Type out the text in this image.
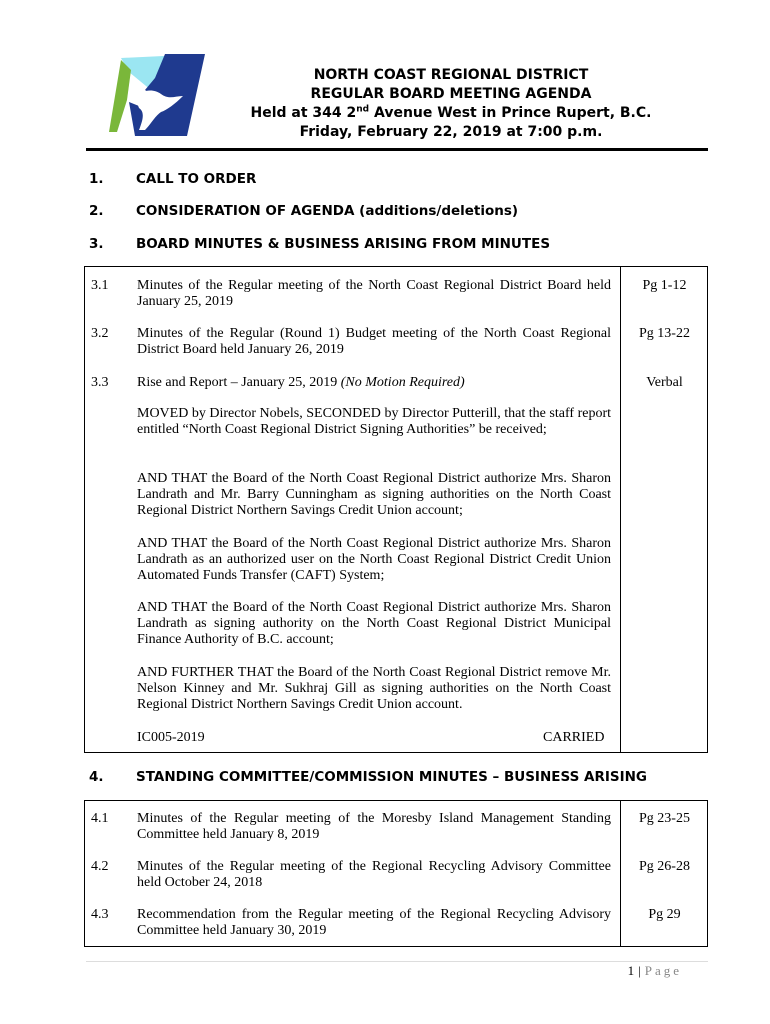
NORTH COAST REGIONAL DISTRICT
REGULAR BOARD MEETING AGENDA
Held at 344 2nd Avenue West in Prince Rupert, B.C.
Friday, February 22, 2019 at 7:00 p.m.
1. CALL TO ORDER
2. CONSIDERATION OF AGENDA (additions/deletions)
3. BOARD MINUTES & BUSINESS ARISING FROM MINUTES
3.1 Minutes of the Regular meeting of the North Coast Regional District Board held January 25, 2019
Pg 1-12
3.2 Minutes of the Regular (Round 1) Budget meeting of the North Coast Regional District Board held January 26, 2019
Pg 13-22
3.3 Rise and Report – January 25, 2019 (No Motion Required)	Verbal
MOVED by Director Nobels, SECONDED by Director Putterill, that the staff report entitled “North Coast Regional District Signing Authorities” be received;
AND THAT the Board of the North Coast Regional District authorize Mrs. Sharon Landrath and Mr. Barry Cunningham as signing authorities on the North Coast Regional District Northern Savings Credit Union account;
AND THAT the Board of the North Coast Regional District authorize Mrs. Sharon Landrath as an authorized user on the North Coast Regional District Credit Union Automated Funds Transfer (CAFT) System;
AND THAT the Board of the North Coast Regional District authorize Mrs. Sharon Landrath as signing authority on the North Coast Regional District Municipal Finance Authority of B.C. account;
AND FURTHER THAT the Board of the North Coast Regional District remove Mr. Nelson Kinney and Mr. Sukhraj Gill as signing authorities on the North Coast Regional District Northern Savings Credit Union account.
IC005-2019	CARRIED
4. STANDING COMMITTEE/COMMISSION MINUTES – BUSINESS ARISING
4.1 Minutes of the Regular meeting of the Moresby Island Management Standing Committee held January 8, 2019
Pg 23-25
4.2 Minutes of the Regular meeting of the Regional Recycling Advisory Committee held October 24, 2018
Pg 26-28
4.3 Recommendation from the Regular meeting of the Regional Recycling Advisory Committee held January 30, 2019
Pg 29
1 | Page
